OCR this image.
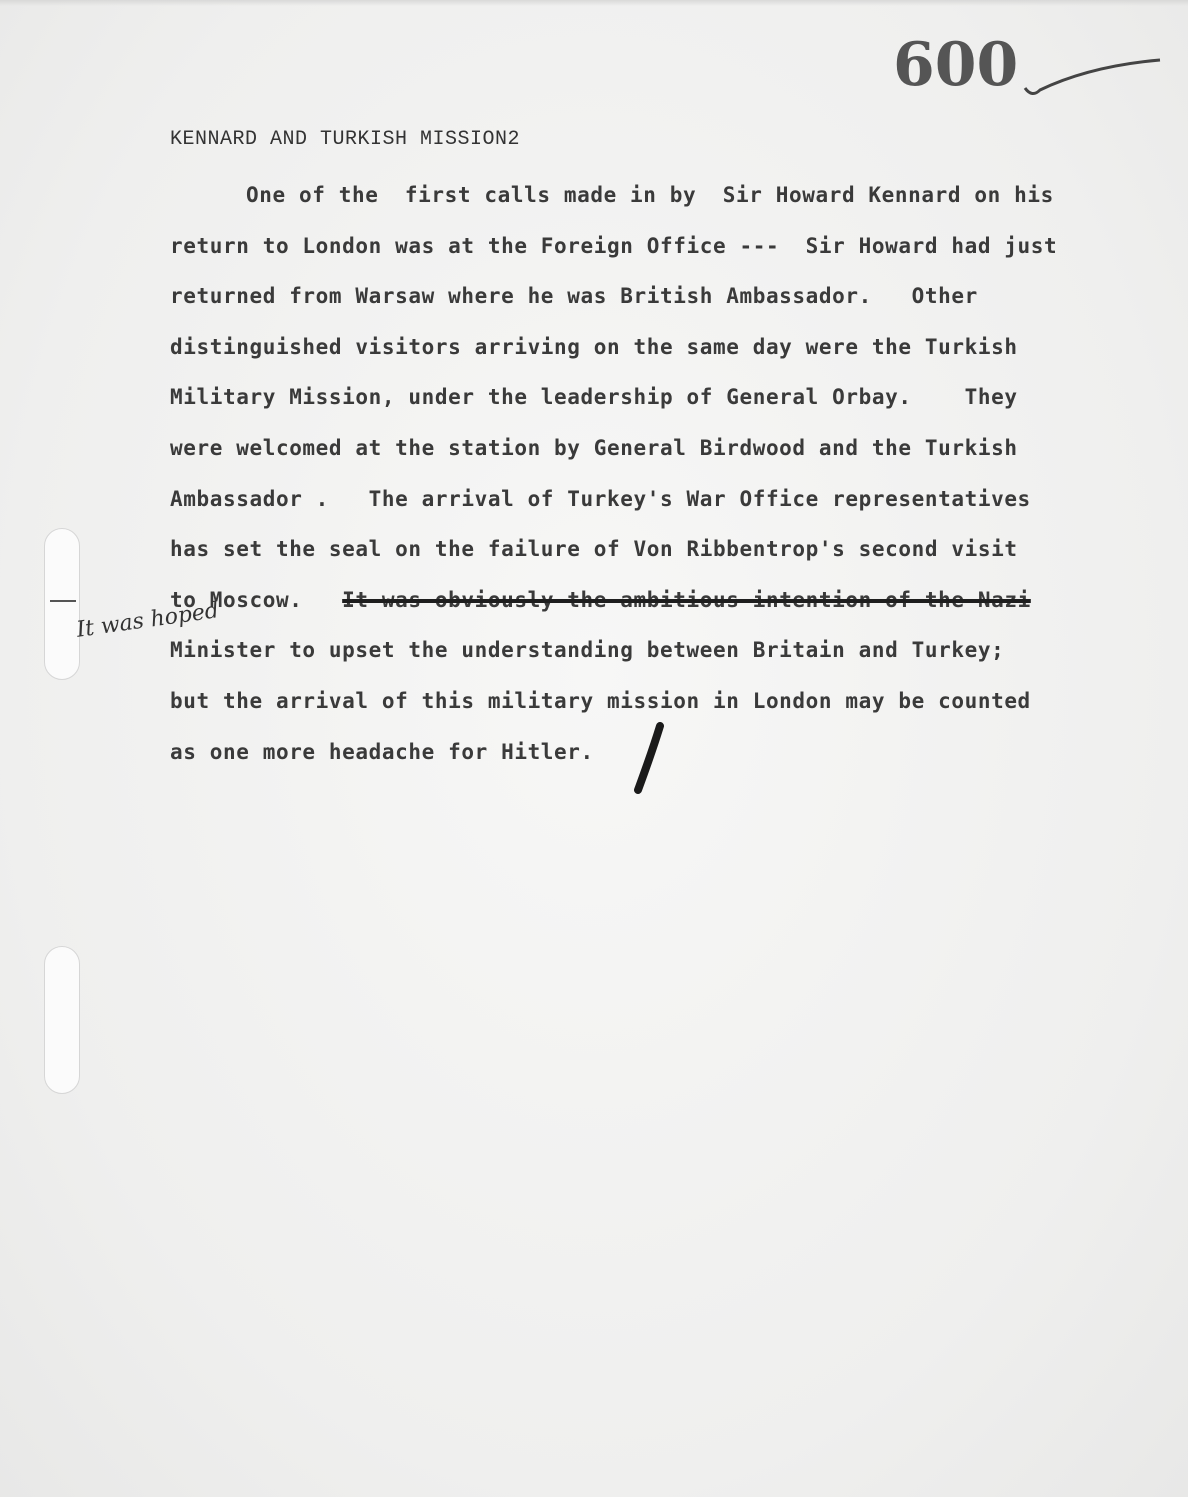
600
KENNARD AND TURKISH MISSION2
One of the  first calls made in by  Sir Howard Kennard on his
return to London was at the Foreign Office ---  Sir Howard had just
returned from Warsaw where he was British Ambassador.   Other
distinguished visitors arriving on the same day were the Turkish
Military Mission, under the leadership of General Orbay.    They
were welcomed at the station by General Birdwood and the Turkish
Ambassador .   The arrival of Turkey's War Office representatives
has set the seal on the failure of Von Ribbentrop's second visit
to Moscow.   It was obviously the ambitious intention of the Nazi
Minister to upset the understanding between Britain and Turkey;
but the arrival of this military mission in London may be counted
as one more headache for Hitler.
It was hoped
